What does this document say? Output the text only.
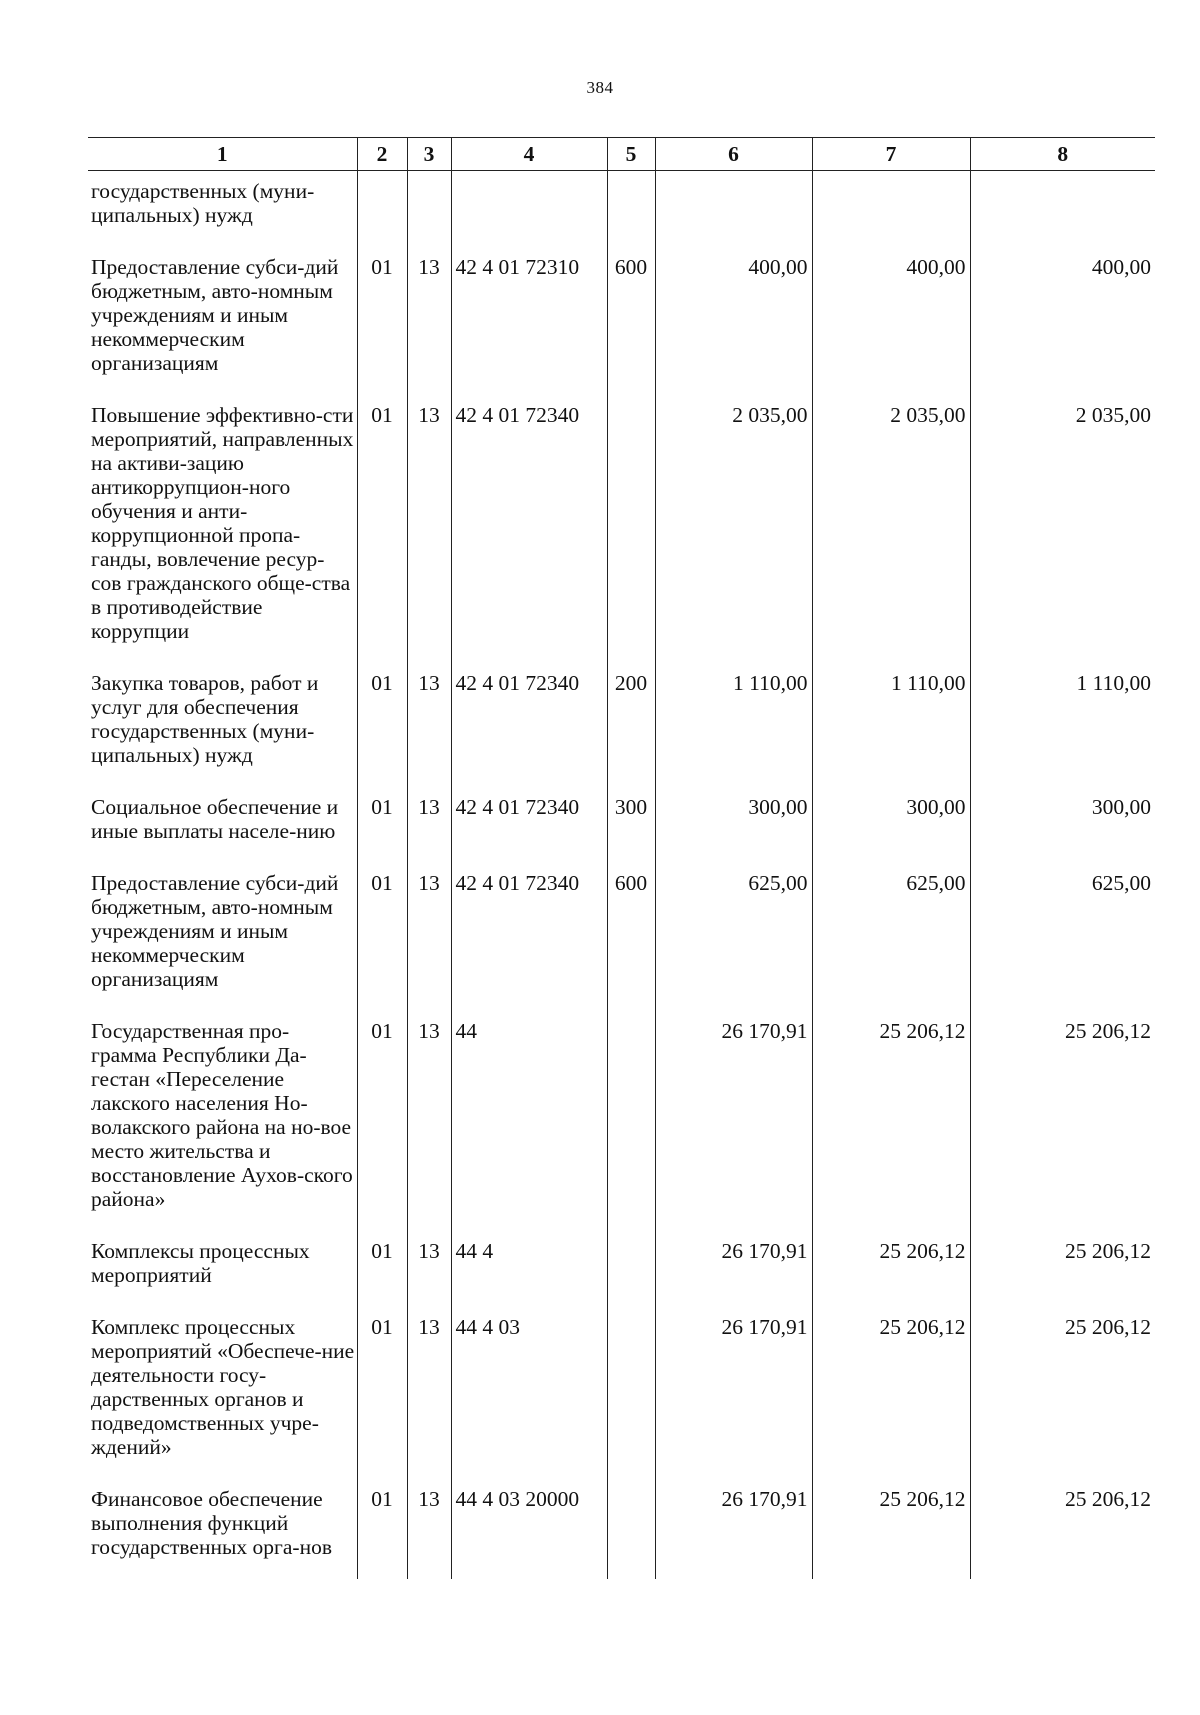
384
1	2	3	4	5	6	7	8
государственных (муни-ципальных) нужд							
Предоставление субси-дий бюджетным, авто-номным учреждениям и иным некоммерческим организациям	01	13	42 4 01 72310	600	400,00	400,00	400,00
Повышение эффективно-сти мероприятий, направленных на активи-зацию антикоррупцион-ного обучения и анти-коррупционной пропа-ганды, вовлечение ресур-сов гражданского обще-ства в противодействие коррупции	01	13	42 4 01 72340		2 035,00	2 035,00	2 035,00
Закупка товаров, работ и услуг для обеспечения государственных (муни-ципальных) нужд	01	13	42 4 01 72340	200	1 110,00	1 110,00	1 110,00
Социальное обеспечение и иные выплаты населе-нию	01	13	42 4 01 72340	300	300,00	300,00	300,00
Предоставление субси-дий бюджетным, авто-номным учреждениям и иным некоммерческим организациям	01	13	42 4 01 72340	600	625,00	625,00	625,00
Государственная про-грамма Республики Да-гестан «Переселение лакского населения Но-волакского района на но-вое место жительства и восстановление Аухов-ского района»	01	13	44		26 170,91	25 206,12	25 206,12
Комплексы процессных мероприятий	01	13	44 4		26 170,91	25 206,12	25 206,12
Комплекс процессных мероприятий «Обеспече-ние деятельности госу-дарственных органов и подведомственных учре-ждений»	01	13	44 4 03		26 170,91	25 206,12	25 206,12
Финансовое обеспечение выполнения функций государственных орга-нов	01	13	44 4 03 20000		26 170,91	25 206,12	25 206,12
